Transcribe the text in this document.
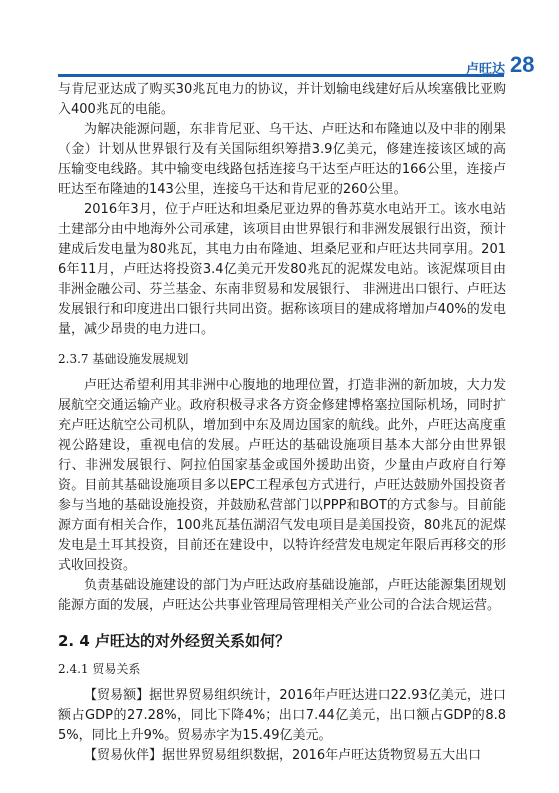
卢旺达 28

与肯尼亚达成了购买30兆瓦电力的协议，并计划输电线建好后从埃塞俄比亚购入400兆瓦的电能。

为解决能源问题，东非肯尼亚、乌干达、卢旺达和布隆迪以及中非的刚果（金）计划从世界银行及有关国际组织筹措3.9亿美元，修建连接该区域的高压输变电线路。其中输变电线路包括连接乌干达至卢旺达的166公里，连接卢旺达至布隆迪的143公里，连接乌干达和肯尼亚的260公里。

2016年3月，位于卢旺达和坦桑尼亚边界的鲁苏莫水电站开工。该水电站土建部分由中地海外公司承建，该项目由世界银行和非洲发展银行出资，预计建成后发电量为80兆瓦，其电力由布隆迪、坦桑尼亚和卢旺达共同享用。2016年11月，卢旺达将投资3.4亿美元开发80兆瓦的泥煤发电站。该泥煤项目由非洲金融公司、芬兰基金、东南非贸易和发展银行、 非洲进出口银行、卢旺达发展银行和印度进出口银行共同出资。据称该项目的建成将增加卢40%的发电量，减少昂贵的电力进口。

2.3.7 基础设施发展规划

卢旺达希望利用其非洲中心腹地的地理位置，打造非洲的新加坡，大力发展航空交通运输产业。政府积极寻求各方资金修建博格塞拉国际机场，同时扩充卢旺达航空公司机队，增加到中东及周边国家的航线。此外，卢旺达高度重视公路建设，重视电信的发展。卢旺达的基础设施项目基本大部分由世界银行、非洲发展银行、阿拉伯国家基金或国外援助出资，少量由卢政府自行筹资。目前其基础设施项目多以EPC工程承包方式进行，卢旺达鼓励外国投资者参与当地的基础设施投资，并鼓励私营部门以PPP和BOT的方式参与。目前能源方面有相关合作，100兆瓦基伍湖沼气发电项目是美国投资，80兆瓦的泥煤发电是土耳其投资，目前还在建设中，以特许经营发电规定年限后再移交的形式收回投资。

负责基础设施建设的部门为卢旺达政府基础设施部，卢旺达能源集团规划能源方面的发展，卢旺达公共事业管理局管理相关产业公司的合法合规运营。

2. 4 卢旺达的对外经贸关系如何？
2.4.1 贸易关系

【贸易额】据世界贸易组织统计，2016年卢旺达进口22.93亿美元，进口额占GDP的27.28%，同比下降4%；出口7.44亿美元，出口额占GDP的8.85%，同比上升9%。贸易赤字为15.49亿美元。

【贸易伙伴】据世界贸易组织数据，2016年卢旺达货物贸易五大出口
